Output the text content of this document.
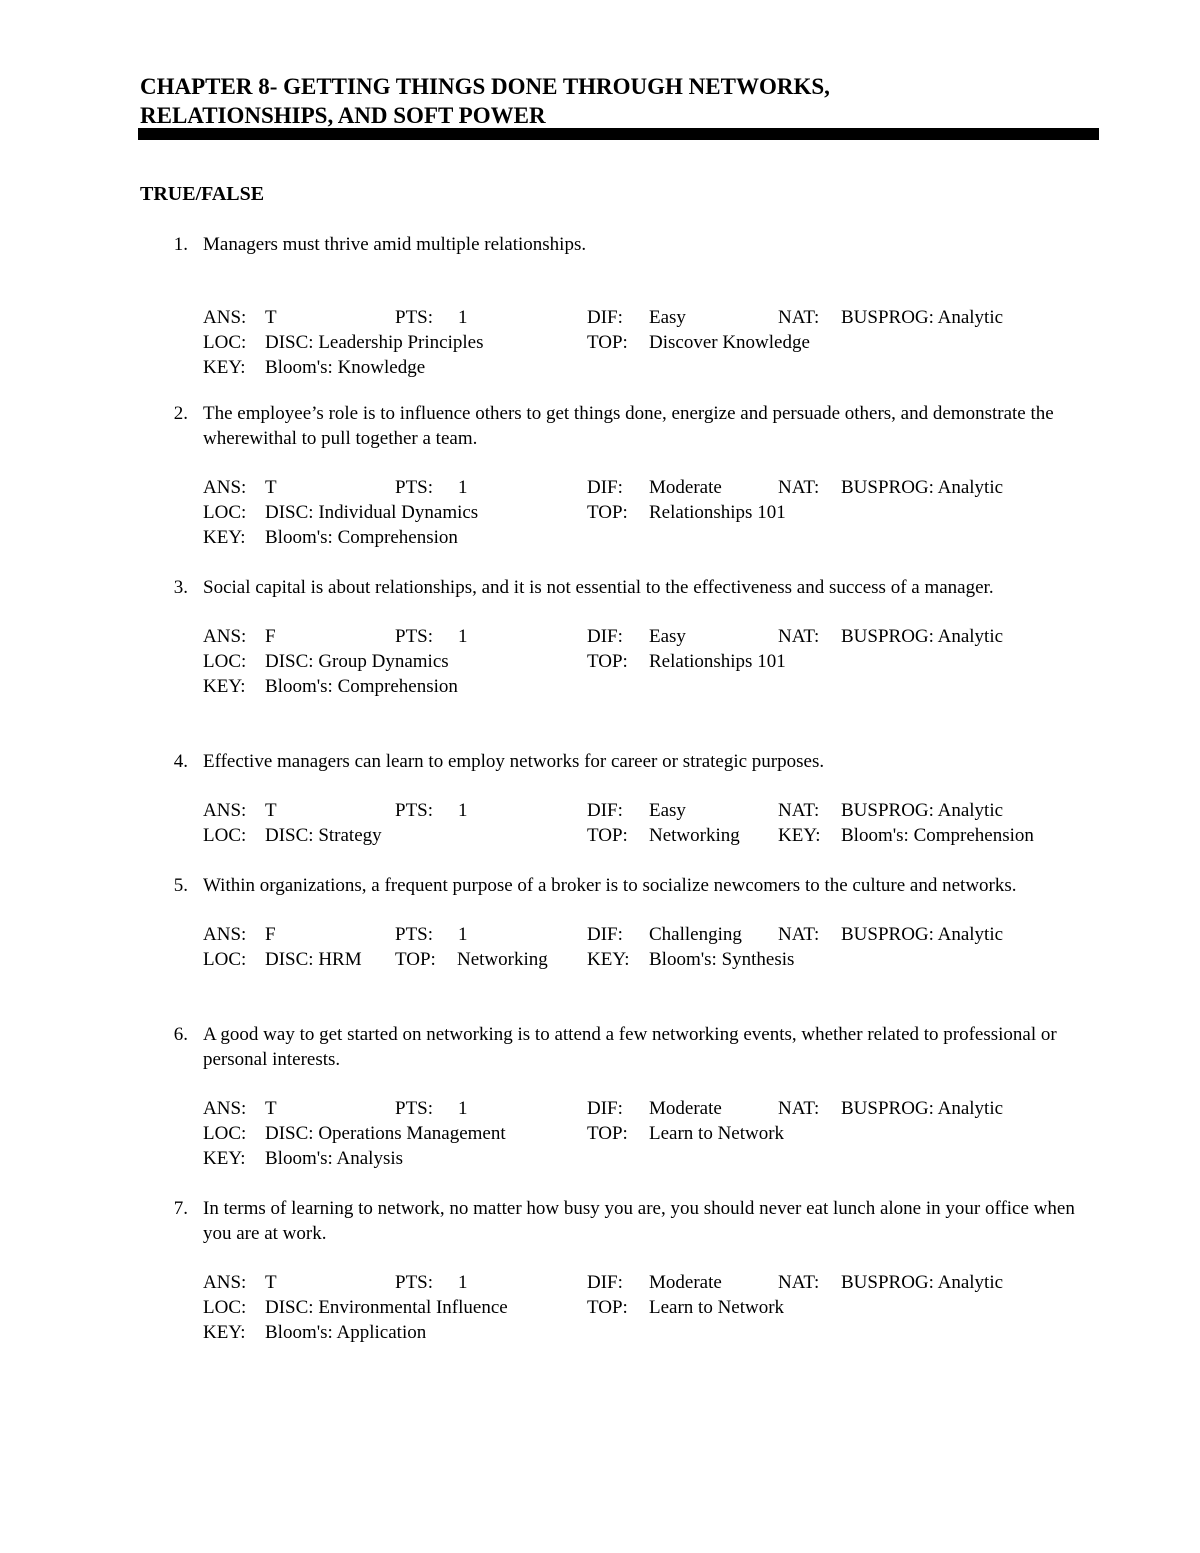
CHAPTER 8- GETTING THINGS DONE THROUGH NETWORKS,
RELATIONSHIPS, AND SOFT POWER
TRUE/FALSE
1. Managers must thrive amid multiple relationships.
ANS: T	PTS: 1	DIF: Easy	NAT: BUSPROG: Analytic
LOC: DISC: Leadership Principles	TOP: Discover Knowledge
KEY: Bloom's: Knowledge
2. The employee’s role is to influence others to get things done, energize and persuade others, and demonstrate the wherewithal to pull together a team.
ANS: T	PTS: 1	DIF: Moderate	NAT: BUSPROG: Analytic
LOC: DISC: Individual Dynamics	TOP: Relationships 101
KEY: Bloom's: Comprehension
3. Social capital is about relationships, and it is not essential to the effectiveness and success of a manager.
ANS: F	PTS: 1	DIF: Easy	NAT: BUSPROG: Analytic
LOC: DISC: Group Dynamics	TOP: Relationships 101
KEY: Bloom's: Comprehension
4. Effective managers can learn to employ networks for career or strategic purposes.
ANS: T	PTS: 1	DIF: Easy	NAT: BUSPROG: Analytic
LOC: DISC: Strategy	TOP: Networking KEY: Bloom's: Comprehension
5. Within organizations, a frequent purpose of a broker is to socialize newcomers to the culture and networks.
ANS: F	PTS: 1	DIF: Challenging NAT: BUSPROG: Analytic
LOC: DISC: HRM TOP: Networking KEY: Bloom's: Synthesis
6. A good way to get started on networking is to attend a few networking events, whether related to professional or personal interests.
ANS: T	PTS: 1	DIF: Moderate	NAT: BUSPROG: Analytic
LOC: DISC: Operations Management	TOP: Learn to Network
KEY: Bloom's: Analysis
7. In terms of learning to network, no matter how busy you are, you should never eat lunch alone in your office when you are at work.
ANS: T	PTS: 1	DIF: Moderate	NAT: BUSPROG: Analytic
LOC: DISC: Environmental Influence	TOP: Learn to Network
KEY: Bloom's: Application
